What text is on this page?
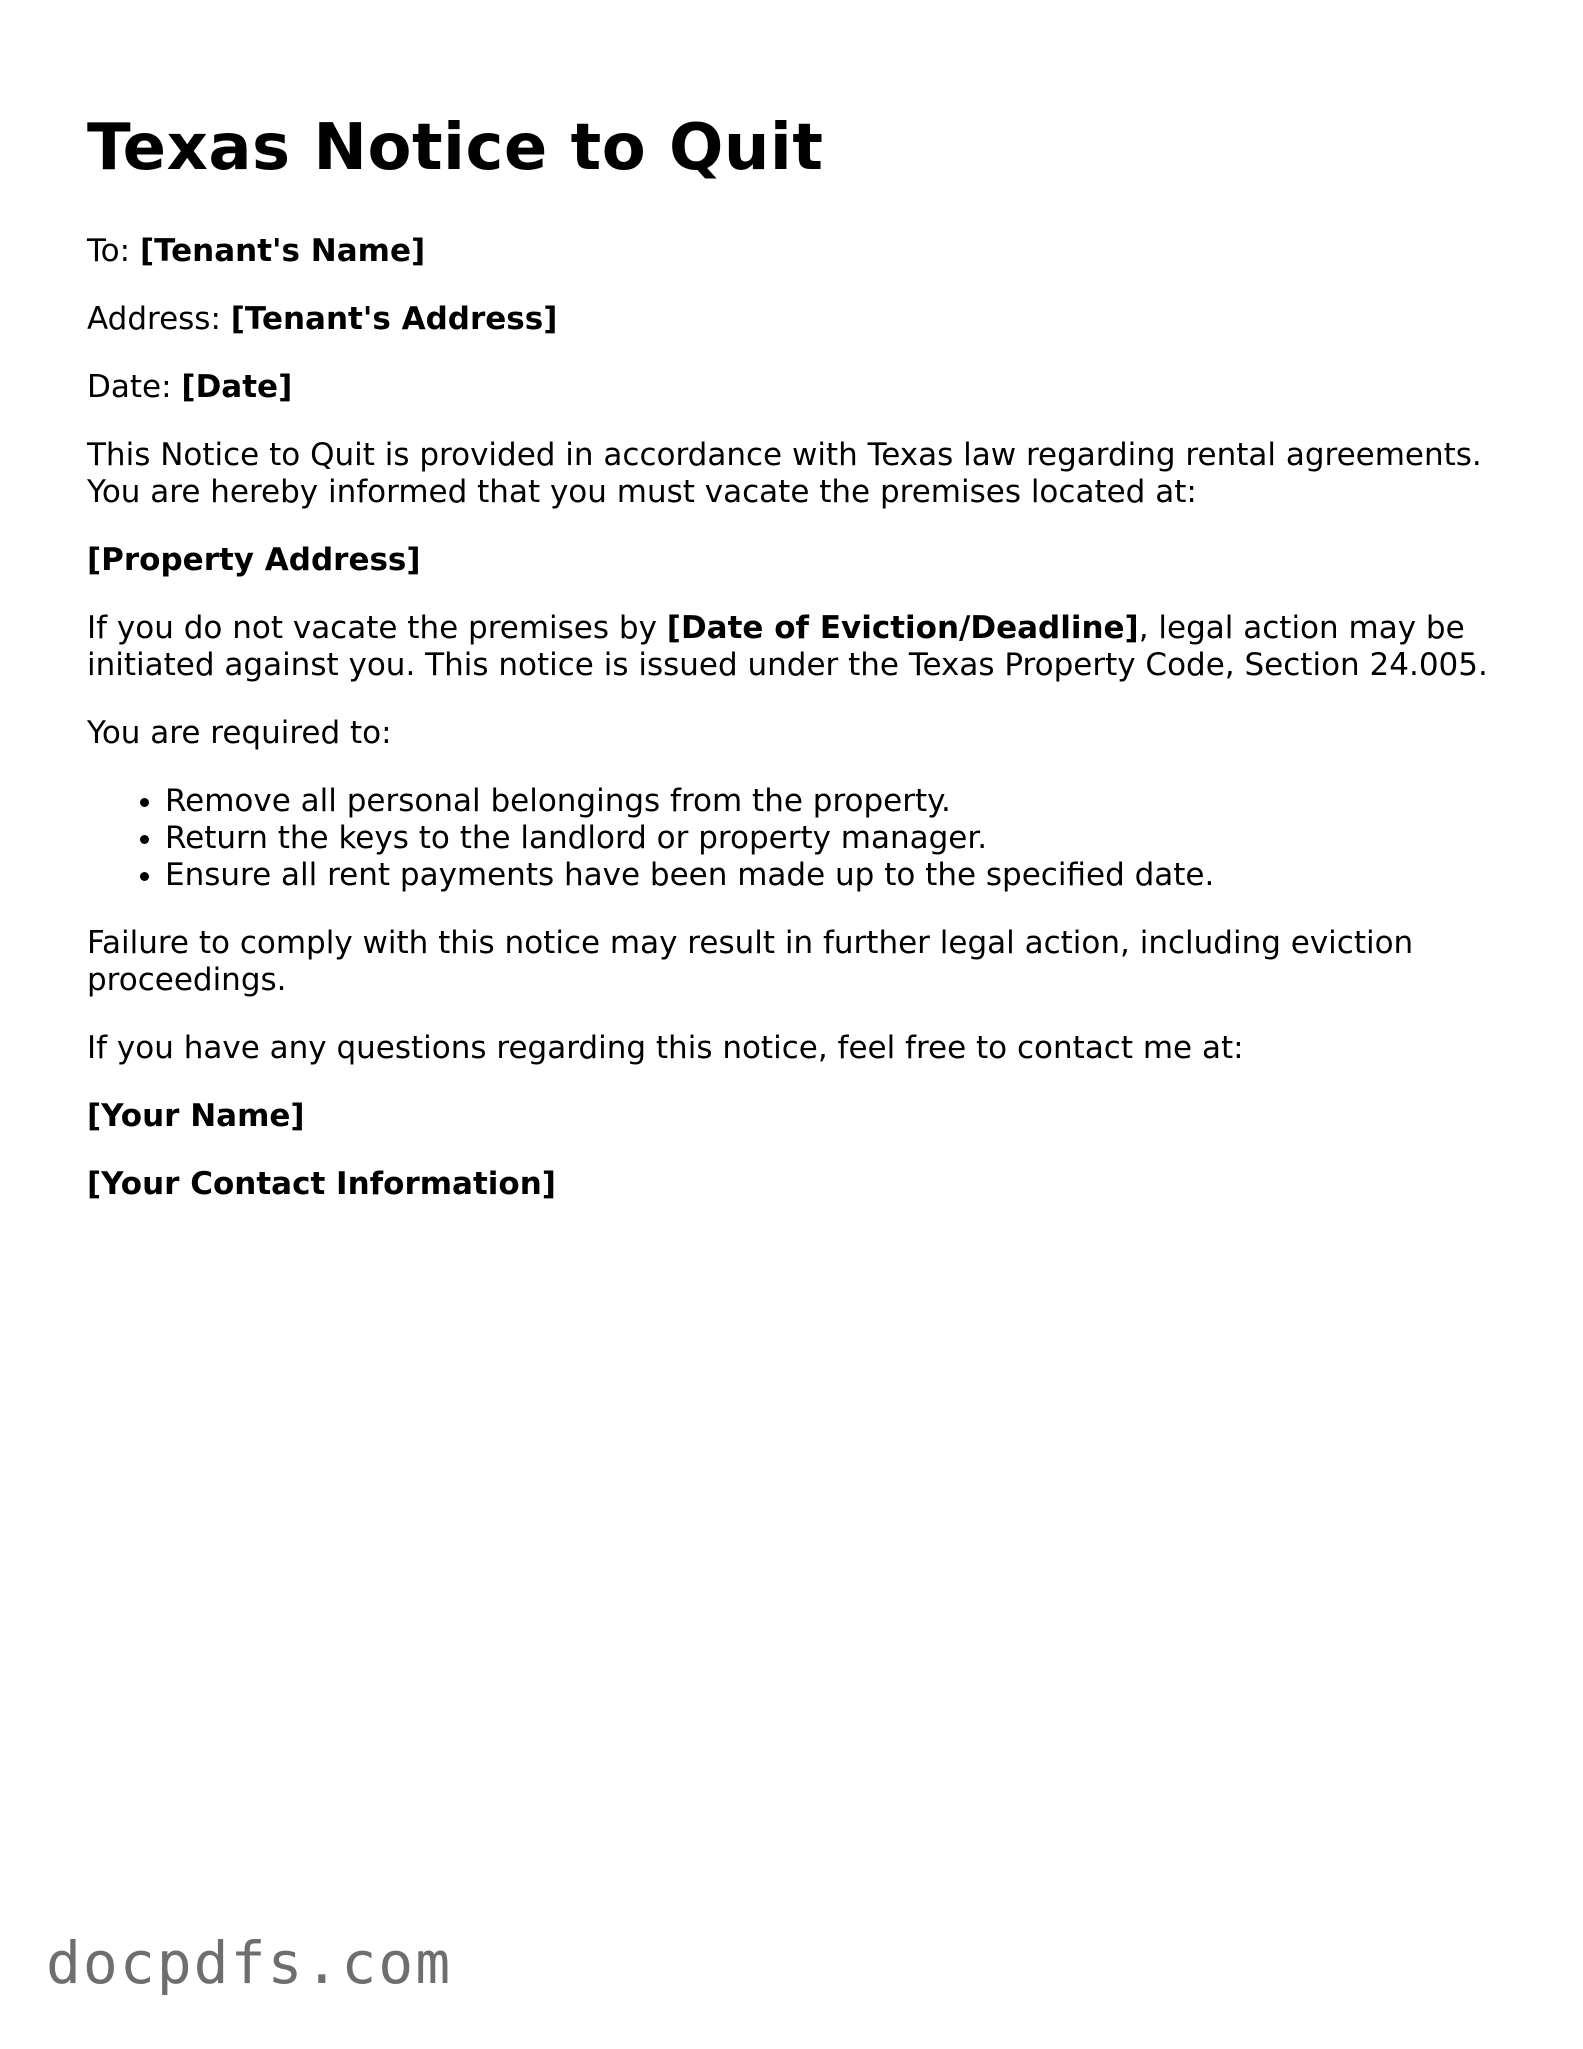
Texas Notice to Quit

To: [Tenant's Name]

Address: [Tenant's Address]

Date: [Date]

This Notice to Quit is provided in accordance with Texas law regarding rental agreements. You are hereby informed that you must vacate the premises located at:

[Property Address]

If you do not vacate the premises by [Date of Eviction/Deadline], legal action may be initiated against you. This notice is issued under the Texas Property Code, Section 24.005.

You are required to:

• Remove all personal belongings from the property.
• Return the keys to the landlord or property manager.
• Ensure all rent payments have been made up to the specified date.

Failure to comply with this notice may result in further legal action, including eviction proceedings.

If you have any questions regarding this notice, feel free to contact me at:

[Your Name]

[Your Contact Information]

docpdfs.com
